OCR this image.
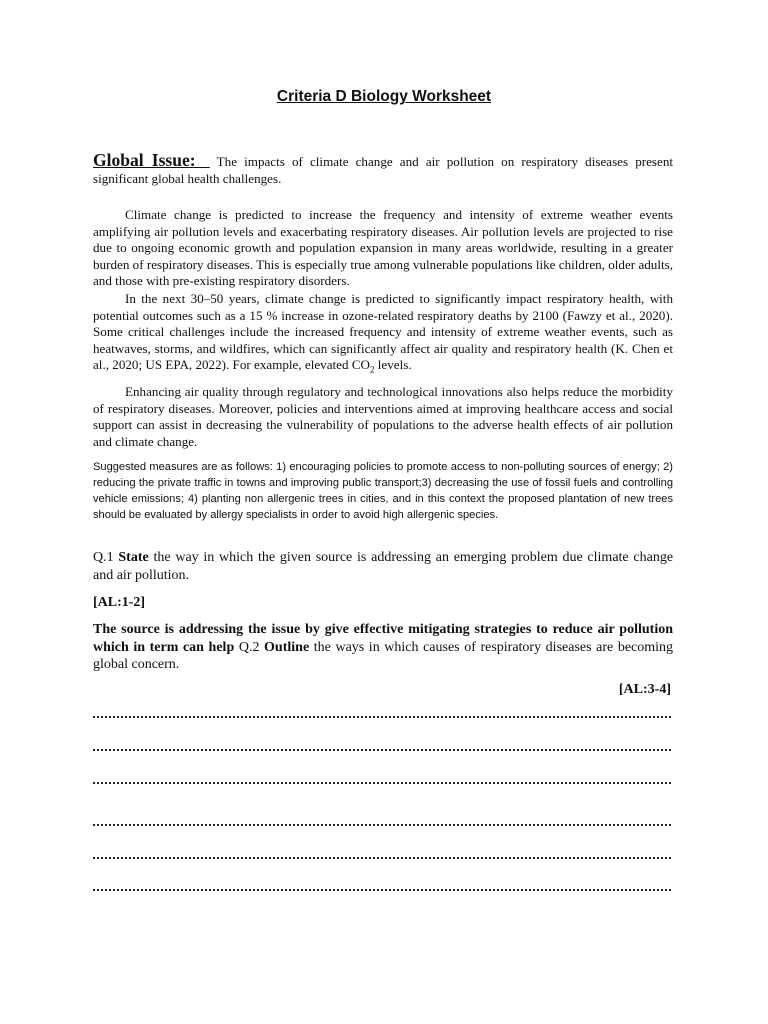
Criteria D Biology Worksheet

Global Issue: The impacts of climate change and air pollution on respiratory diseases present significant global health challenges.

Climate change is predicted to increase the frequency and intensity of extreme weather events amplifying air pollution levels and exacerbating respiratory diseases. Air pollution levels are projected to rise due to ongoing economic growth and population expansion in many areas worldwide, resulting in a greater burden of respiratory diseases. This is especially true among vulnerable populations like children, older adults, and those with pre-existing respiratory disorders.

In the next 30–50 years, climate change is predicted to significantly impact respiratory health, with potential outcomes such as a 15 % increase in ozone-related respiratory deaths by 2100 (Fawzy et al., 2020). Some critical challenges include the increased frequency and intensity of extreme weather events, such as heatwaves, storms, and wildfires, which can significantly affect air quality and respiratory health (K. Chen et al., 2020; US EPA, 2022). For example, elevated $CO_2$ levels.

Enhancing air quality through regulatory and technological innovations also helps reduce the morbidity of respiratory diseases. Moreover, policies and interventions aimed at improving healthcare access and social support can assist in decreasing the vulnerability of populations to the adverse health effects of air pollution and climate change.

Suggested measures are as follows: 1) encouraging policies to promote access to non-polluting sources of energy; 2) reducing the private traffic in towns and improving public transport;3) decreasing the use of fossil fuels and controlling vehicle emissions; 4) planting non allergenic trees in cities, and in this context the proposed plantation of new trees should be evaluated by allergy specialists in order to avoid high allergenic species.

Q.1 State the way in which the given source is addressing an emerging problem due climate change and air pollution.

[AL:1-2]

The source is addressing the issue by give effective mitigating strategies to reduce air pollution which in term can help Q.2 Outline the ways in which causes of respiratory diseases are becoming global concern.

[AL:3-4]
